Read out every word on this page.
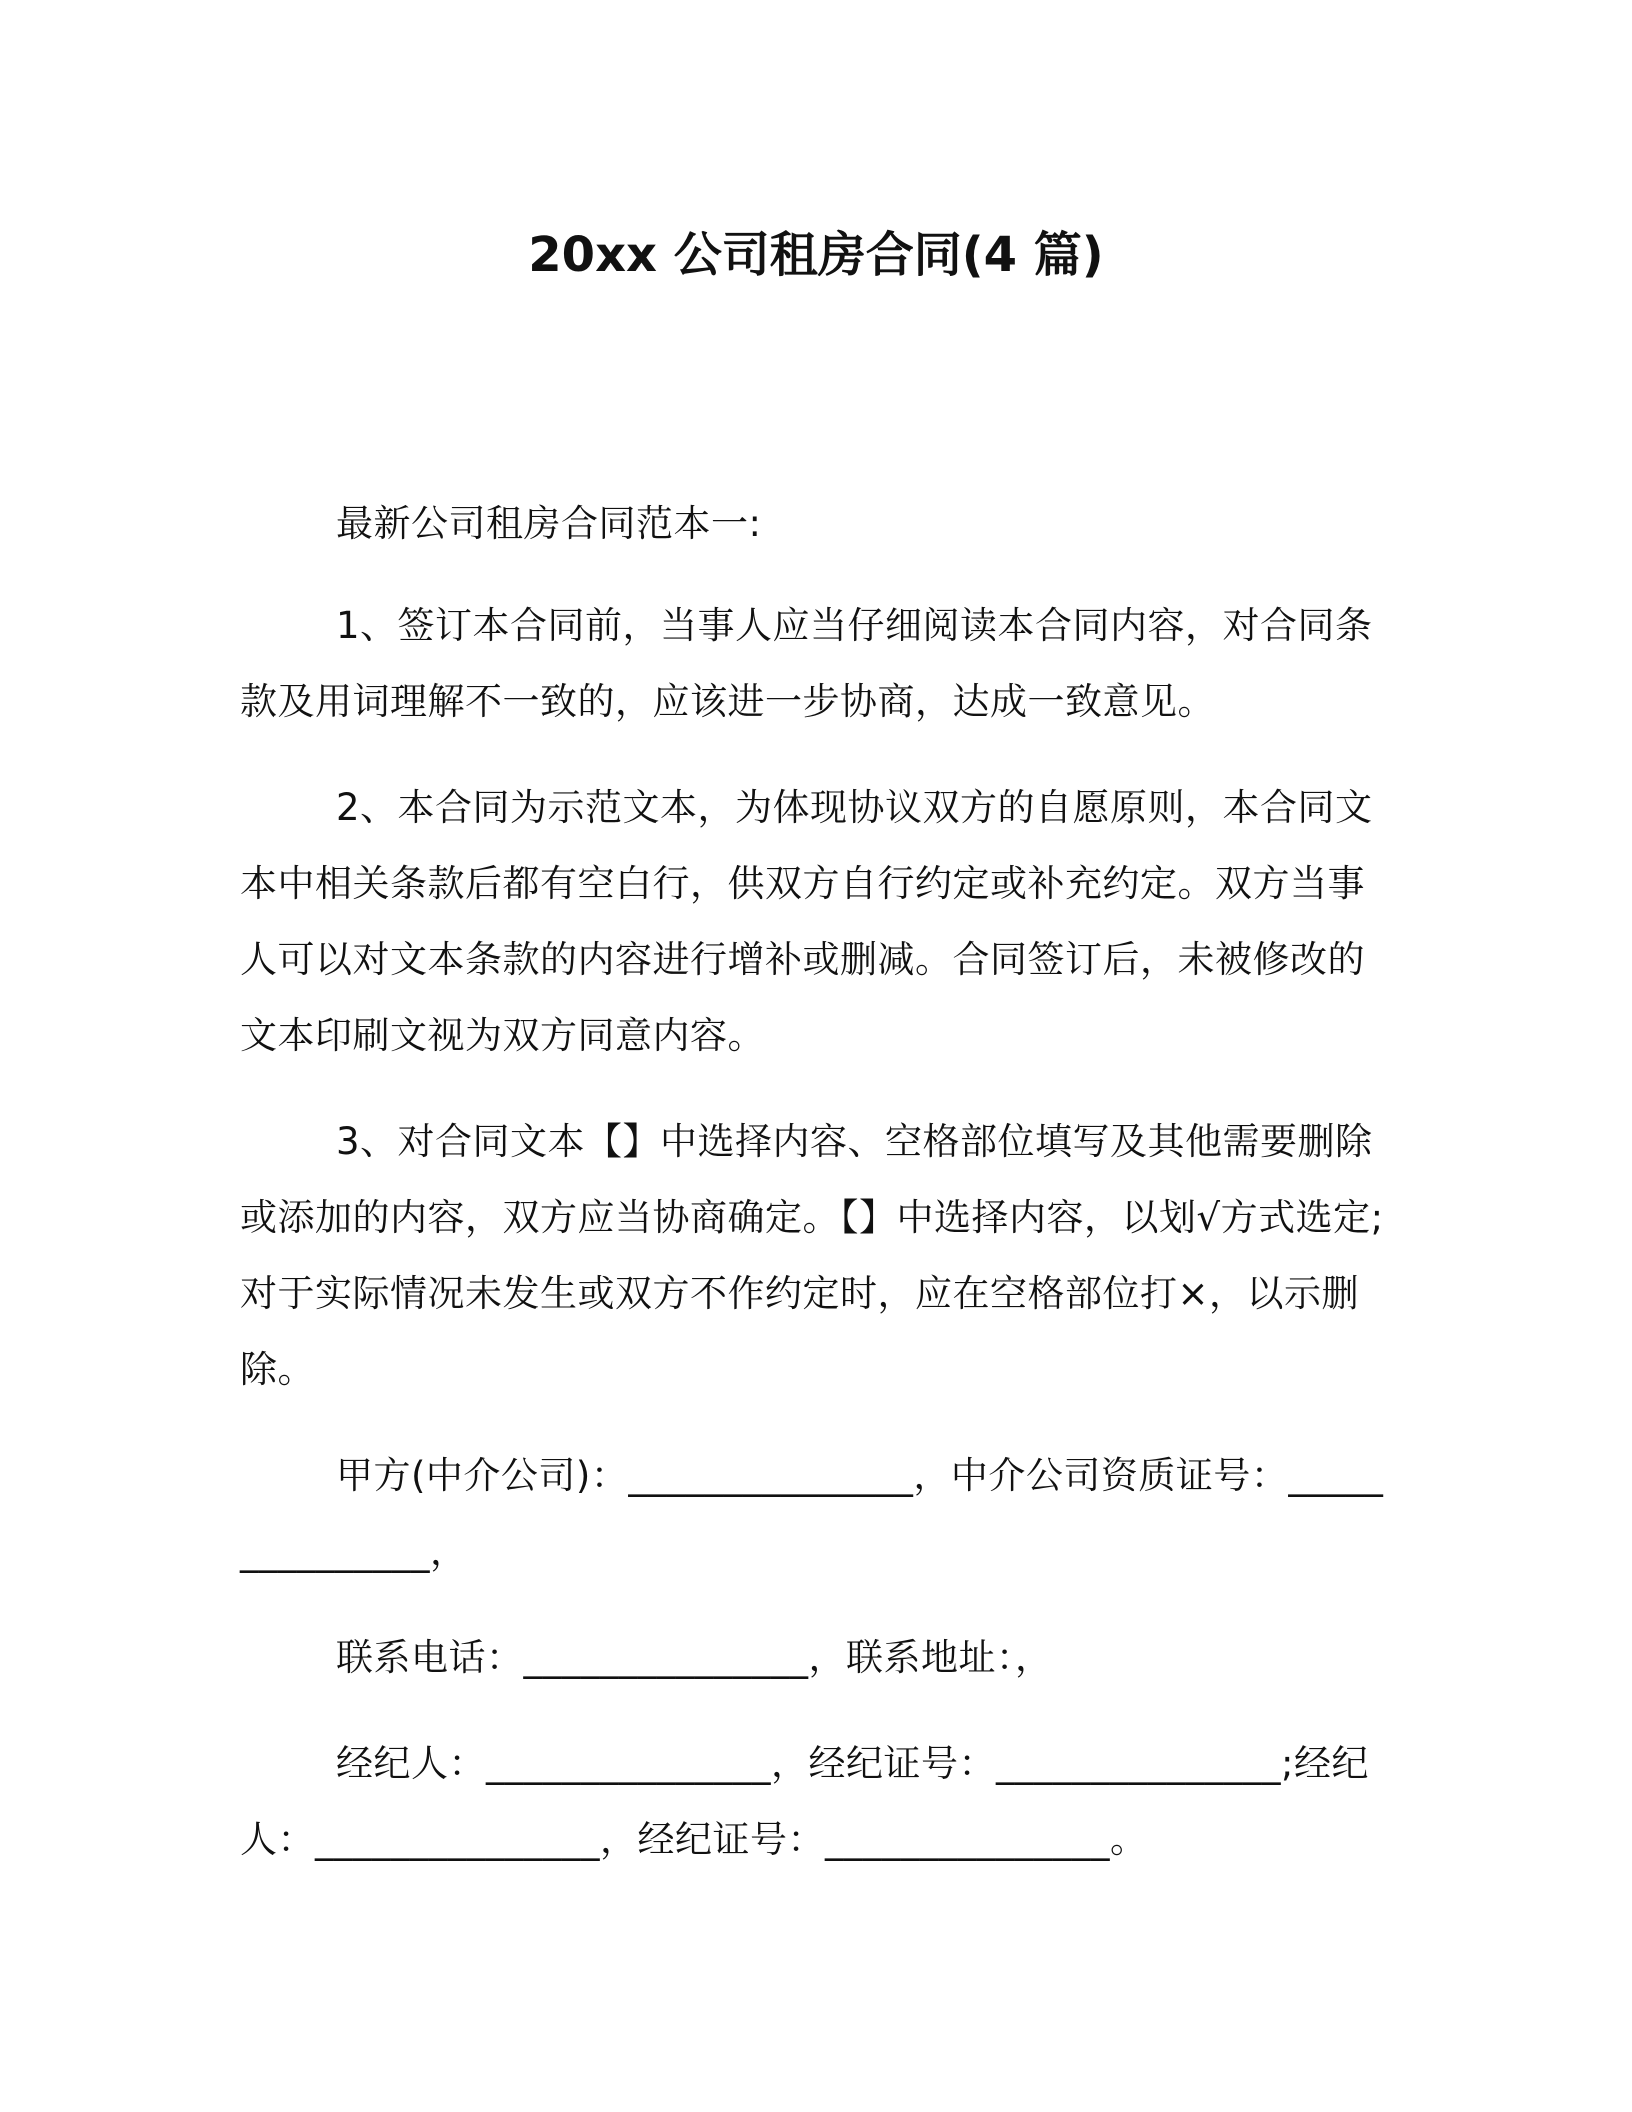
20xx 公司租房合同(4 篇)

最新公司租房合同范本一:

1、签订本合同前，当事人应当仔细阅读本合同内容，对合同条款及用词理解不一致的，应该进一步协商，达成一致意见。

2、本合同为示范文本，为体现协议双方的自愿原则，本合同文本中相关条款后都有空白行，供双方自行约定或补充约定。双方当事人可以对文本条款的内容进行增补或删减。合同签订后，未被修改的文本印刷文视为双方同意内容。

3、对合同文本【】中选择内容、空格部位填写及其他需要删除或添加的内容，双方应当协商确定。【】中选择内容，以划√方式选定;对于实际情况未发生或双方不作约定时，应在空格部位打×，以示删除。

甲方(中介公司)：_______________，中介公司资质证号：_______________，

联系电话：_______________，联系地址：，

经纪人：_______________，经纪证号：_______________;经纪人：_______________，经纪证号：_______________。
